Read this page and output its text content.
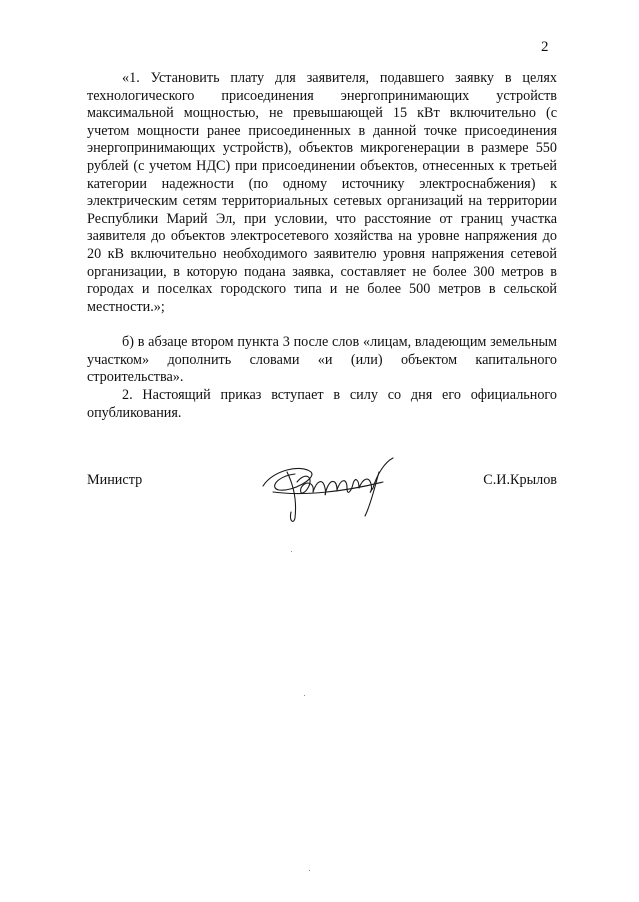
2

«1. Установить плату для заявителя, подавшего заявку в целях технологического присоединения энергопринимающих устройств максимальной мощностью, не превышающей 15 кВт включительно (с учетом мощности ранее присоединенных в данной точке присоединения энергопринимающих устройств), объектов микрогенерации в размере 550 рублей (с учетом НДС) при присоединении объектов, отнесенных к третьей категории надежности (по одному источнику электроснабжения) к электрическим сетям территориальных сетевых организаций на территории Республики Марий Эл, при условии, что расстояние от границ участка заявителя до объектов электросетевого хозяйства на уровне напряжения до 20 кВ включительно необходимого заявителю уровня напряжения сетевой организации, в которую подана заявка, составляет не более 300 метров в городах и поселках городского типа и не более 500 метров в сельской местности.»;

б) в абзаце втором пункта 3 после слов «лицам, владеющим земельным участком» дополнить словами «и (или) объектом капитального строительства».

2. Настоящий приказ вступает в силу со дня его официального опубликования.

Министр	С.И.Крылов
